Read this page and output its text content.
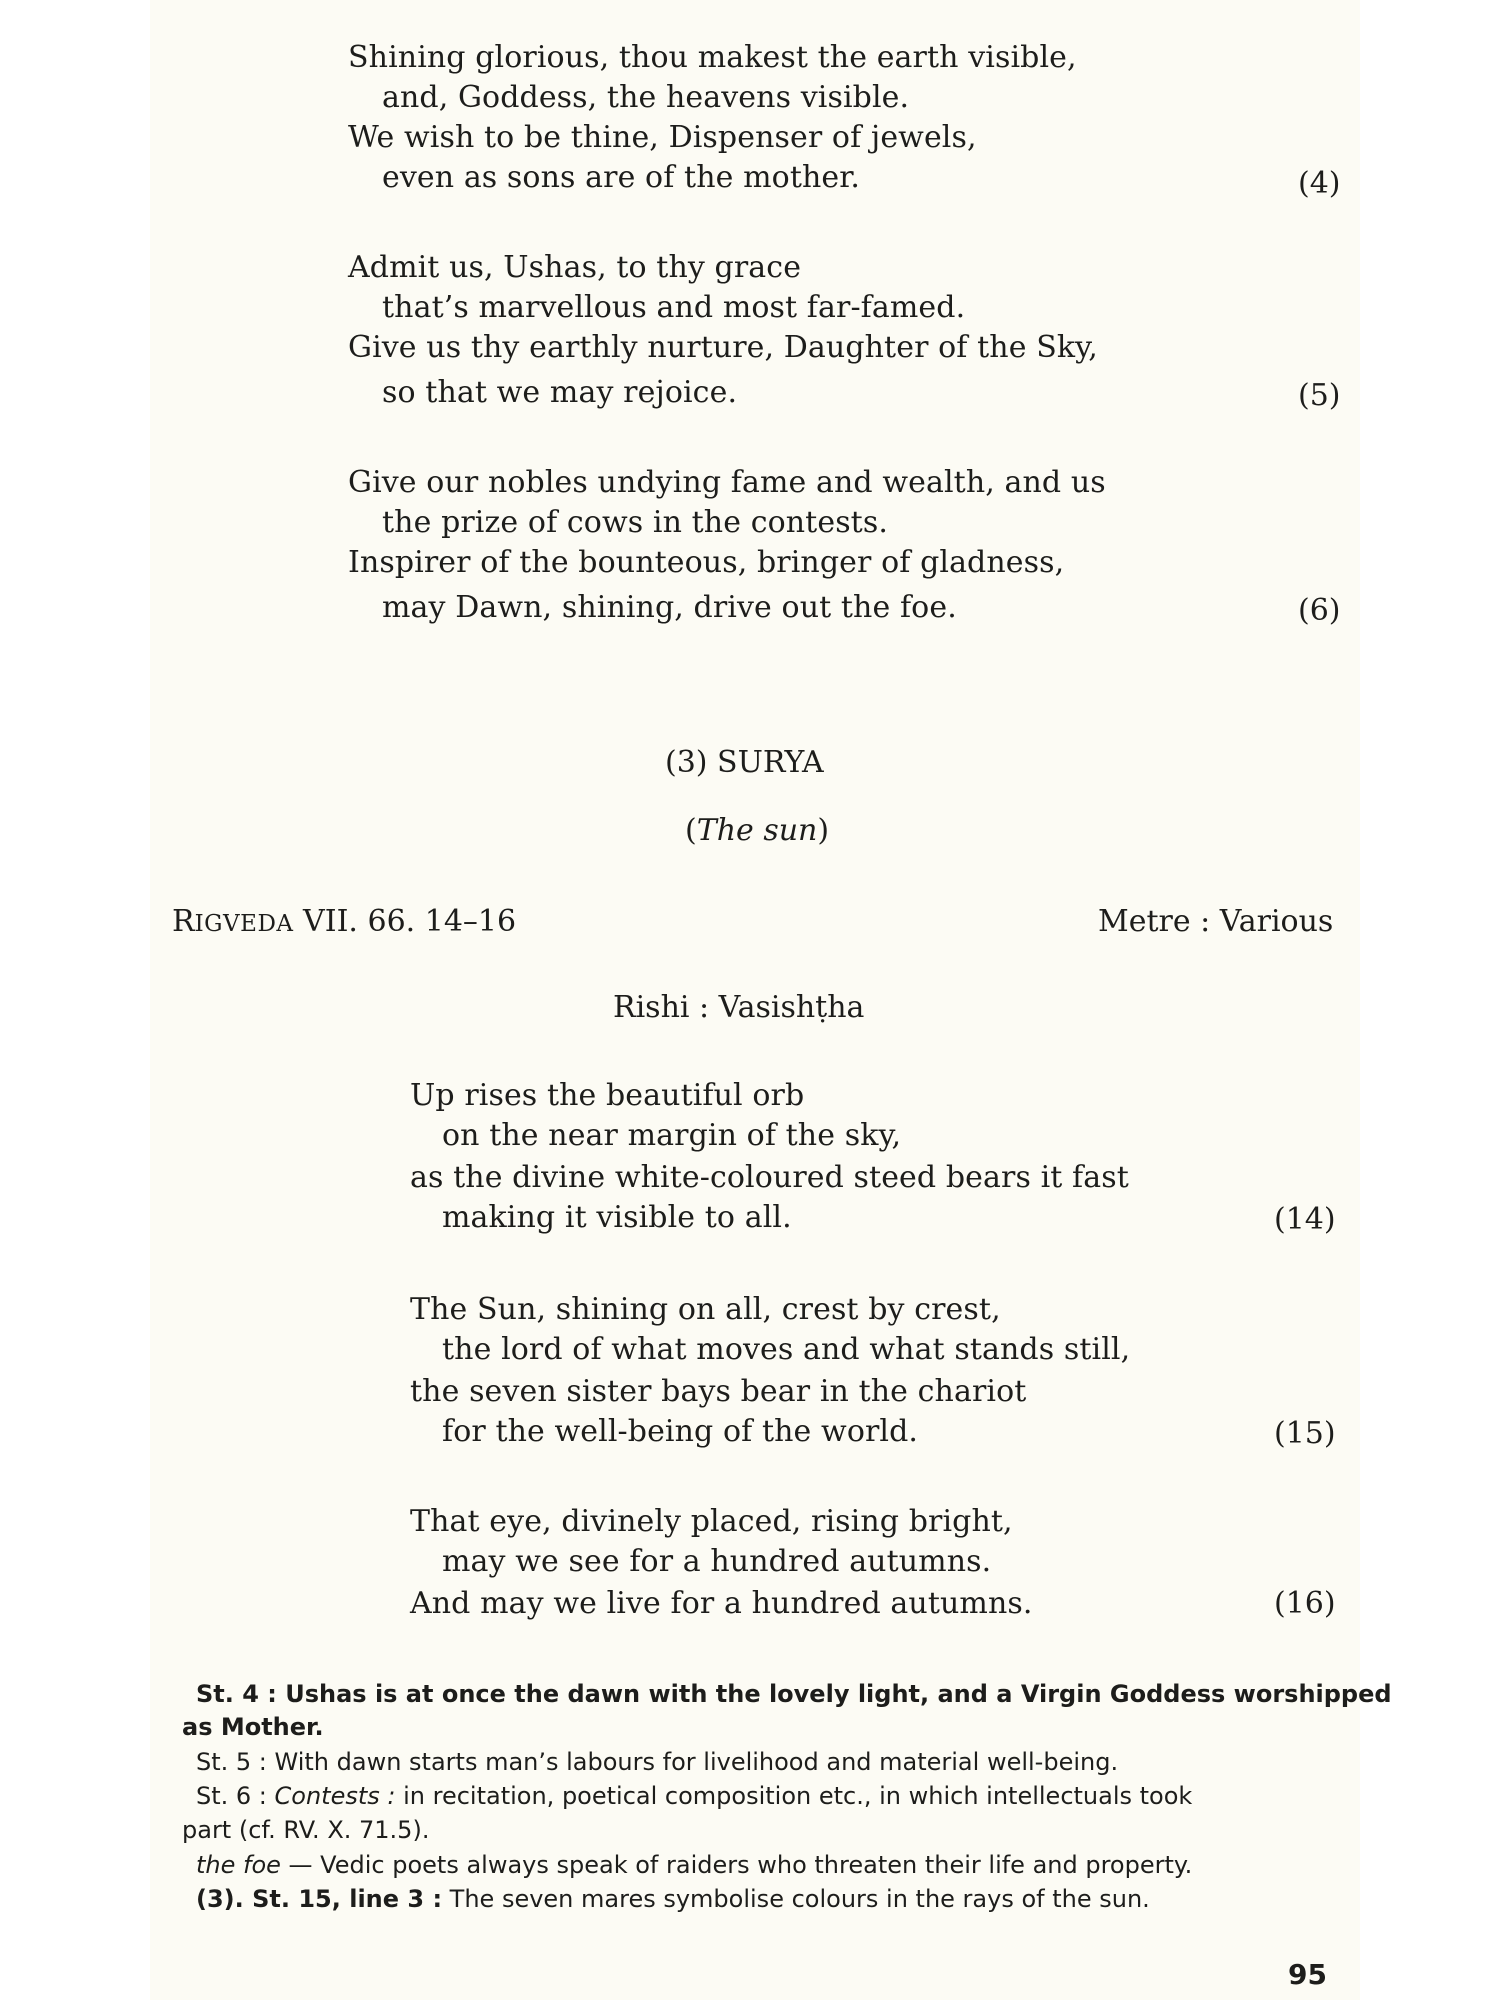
Shining glorious, thou makest the earth visible,
and, Goddess, the heavens visible.
We wish to be thine, Dispenser of jewels,
even as sons are of the mother.	(4)
Admit us, Ushas, to thy grace
that’s marvellous and most far-famed.
Give us thy earthly nurture, Daughter of the Sky,
so that we may rejoice.	(5)
Give our nobles undying fame and wealth, and us
the prize of cows in the contests.
Inspirer of the bounteous, bringer of gladness,
may Dawn, shining, drive out the foe.	(6)
(3) SURYA
(The sun)
RIGVEDA VII. 66. 14–16	Metre : Various
Rishi : Vasishṭha
Up rises the beautiful orb
on the near margin of the sky,
as the divine white-coloured steed bears it fast
making it visible to all.	(14)
The Sun, shining on all, crest by crest,
the lord of what moves and what stands still,
the seven sister bays bear in the chariot
for the well-being of the world.	(15)
That eye, divinely placed, rising bright,
may we see for a hundred autumns.
And may we live for a hundred autumns.	(16)
St. 4 : Ushas is at once the dawn with the lovely light, and a Virgin Goddess worshipped
as Mother.
St. 5 : With dawn starts man’s labours for livelihood and material well-being.
St. 6 : Contests : in recitation, poetical composition etc., in which intellectuals took
part (cf. RV. X. 71.5).
the foe — Vedic poets always speak of raiders who threaten their life and property.
(3). St. 15, line 3 : The seven mares symbolise colours in the rays of the sun.
95
